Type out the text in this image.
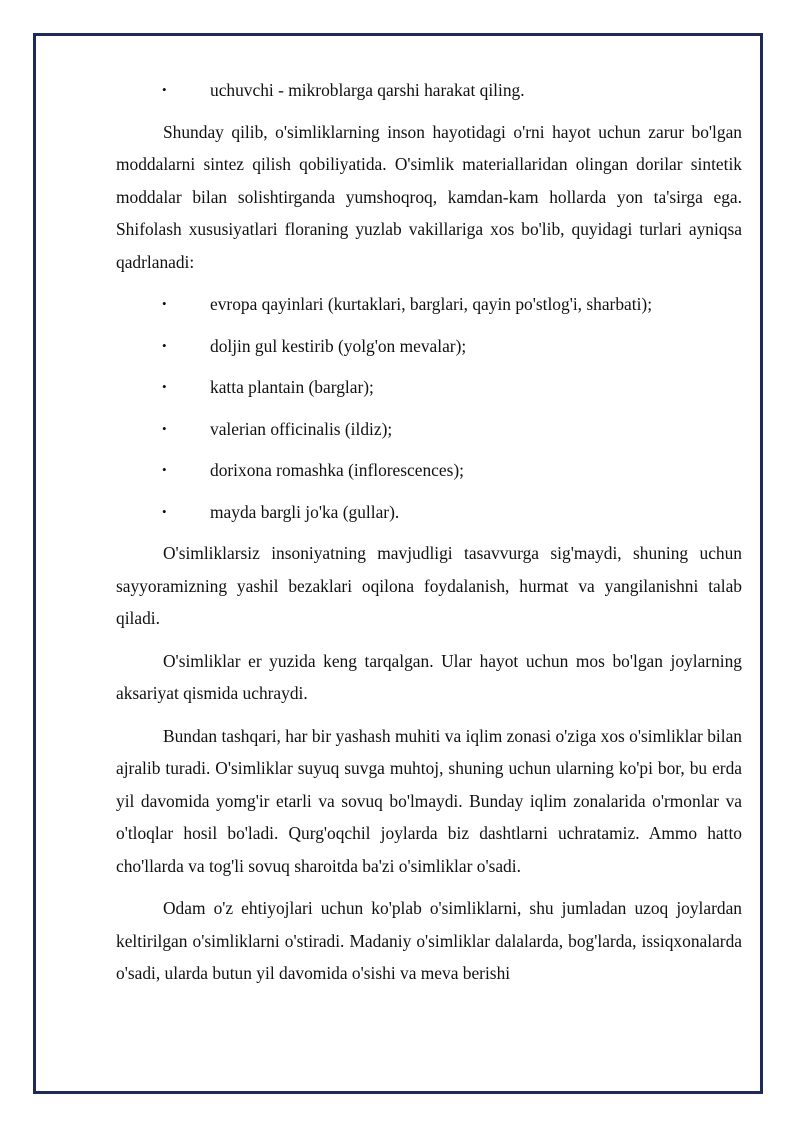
• uchuvchi - mikroblarga qarshi harakat qiling.

Shunday qilib, o'simliklarning inson hayotidagi o'rni hayot uchun zarur bo'lgan moddalarni sintez qilish qobiliyatida. O'simlik materiallaridan olingan dorilar sintetik moddalar bilan solishtirganda yumshoqroq, kamdan-kam hollarda yon ta'sirga ega. Shifolash xususiyatlari floraning yuzlab vakillariga xos bo'lib, quyidagi turlari ayniqsa qadrlanadi:

• evropa qayinlari (kurtaklari, barglari, qayin po'stlog'i, sharbati);
• doljin gul kestirib (yolg'on mevalar);
• katta plantain (barglar);
• valerian officinalis (ildiz);
• dorixona romashka (inflorescences);
• mayda bargli jo'ka (gullar).

O'simliklarsiz insoniyatning mavjudligi tasavvurga sig'maydi, shuning uchun sayyoramizning yashil bezaklari oqilona foydalanish, hurmat va yangilanishni talab qiladi.

O'simliklar er yuzida keng tarqalgan. Ular hayot uchun mos bo'lgan joylarning aksariyat qismida uchraydi.

Bundan tashqari, har bir yashash muhiti va iqlim zonasi o'ziga xos o'simliklar bilan ajralib turadi. O'simliklar suyuq suvga muhtoj, shuning uchun ularning ko'pi bor, bu erda yil davomida yomg'ir etarli va sovuq bo'lmaydi. Bunday iqlim zonalarida o'rmonlar va o'tloqlar hosil bo'ladi. Qurg'oqchil joylarda biz dashtlarni uchratamiz. Ammo hatto cho'llarda va tog'li sovuq sharoitda ba'zi o'simliklar o'sadi.

Odam o'z ehtiyojlari uchun ko'plab o'simliklarni, shu jumladan uzoq joylardan keltirilgan o'simliklarni o'stiradi. Madaniy o'simliklar dalalarda, bog'larda, issiqxonalarda o'sadi, ularda butun yil davomida o'sishi va meva berishi
